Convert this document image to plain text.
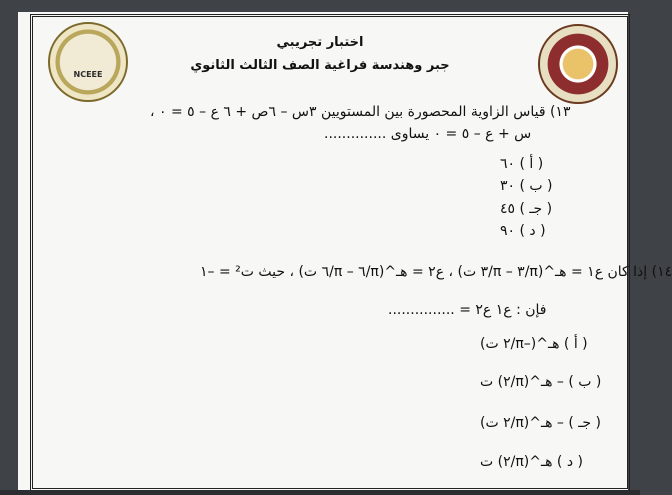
NCEEE
اختبار تجريبي
جبر وهندسة فراغية الصف الثالث الثانوي
١٣) قياس الزاوية المحصورة بين المستويين ٣س – ٦ص + ٦ ع – ٥ = ٠ ،
س + ع – ٥ = ٠ يساوى ..............
( أ ) ٦٠
( ب ) ٣٠
( جـ ) ٤٥
( د ) ٩٠
١٤) إذا كان ع١ = هـ^(π/٣ – π/٣ ت) ، ع٢ = هـ^(π/٦ – π/٦ ت) ، حيث ت² = –١
فإن : ع١ ع٢ = ...............
( أ ) هـ^(–π/٢ ت)
( ب ) – هـ^(π/٢) ت
( جـ ) – هـ^(π/٢ ت)
( د ) هـ^(π/٢) ت
